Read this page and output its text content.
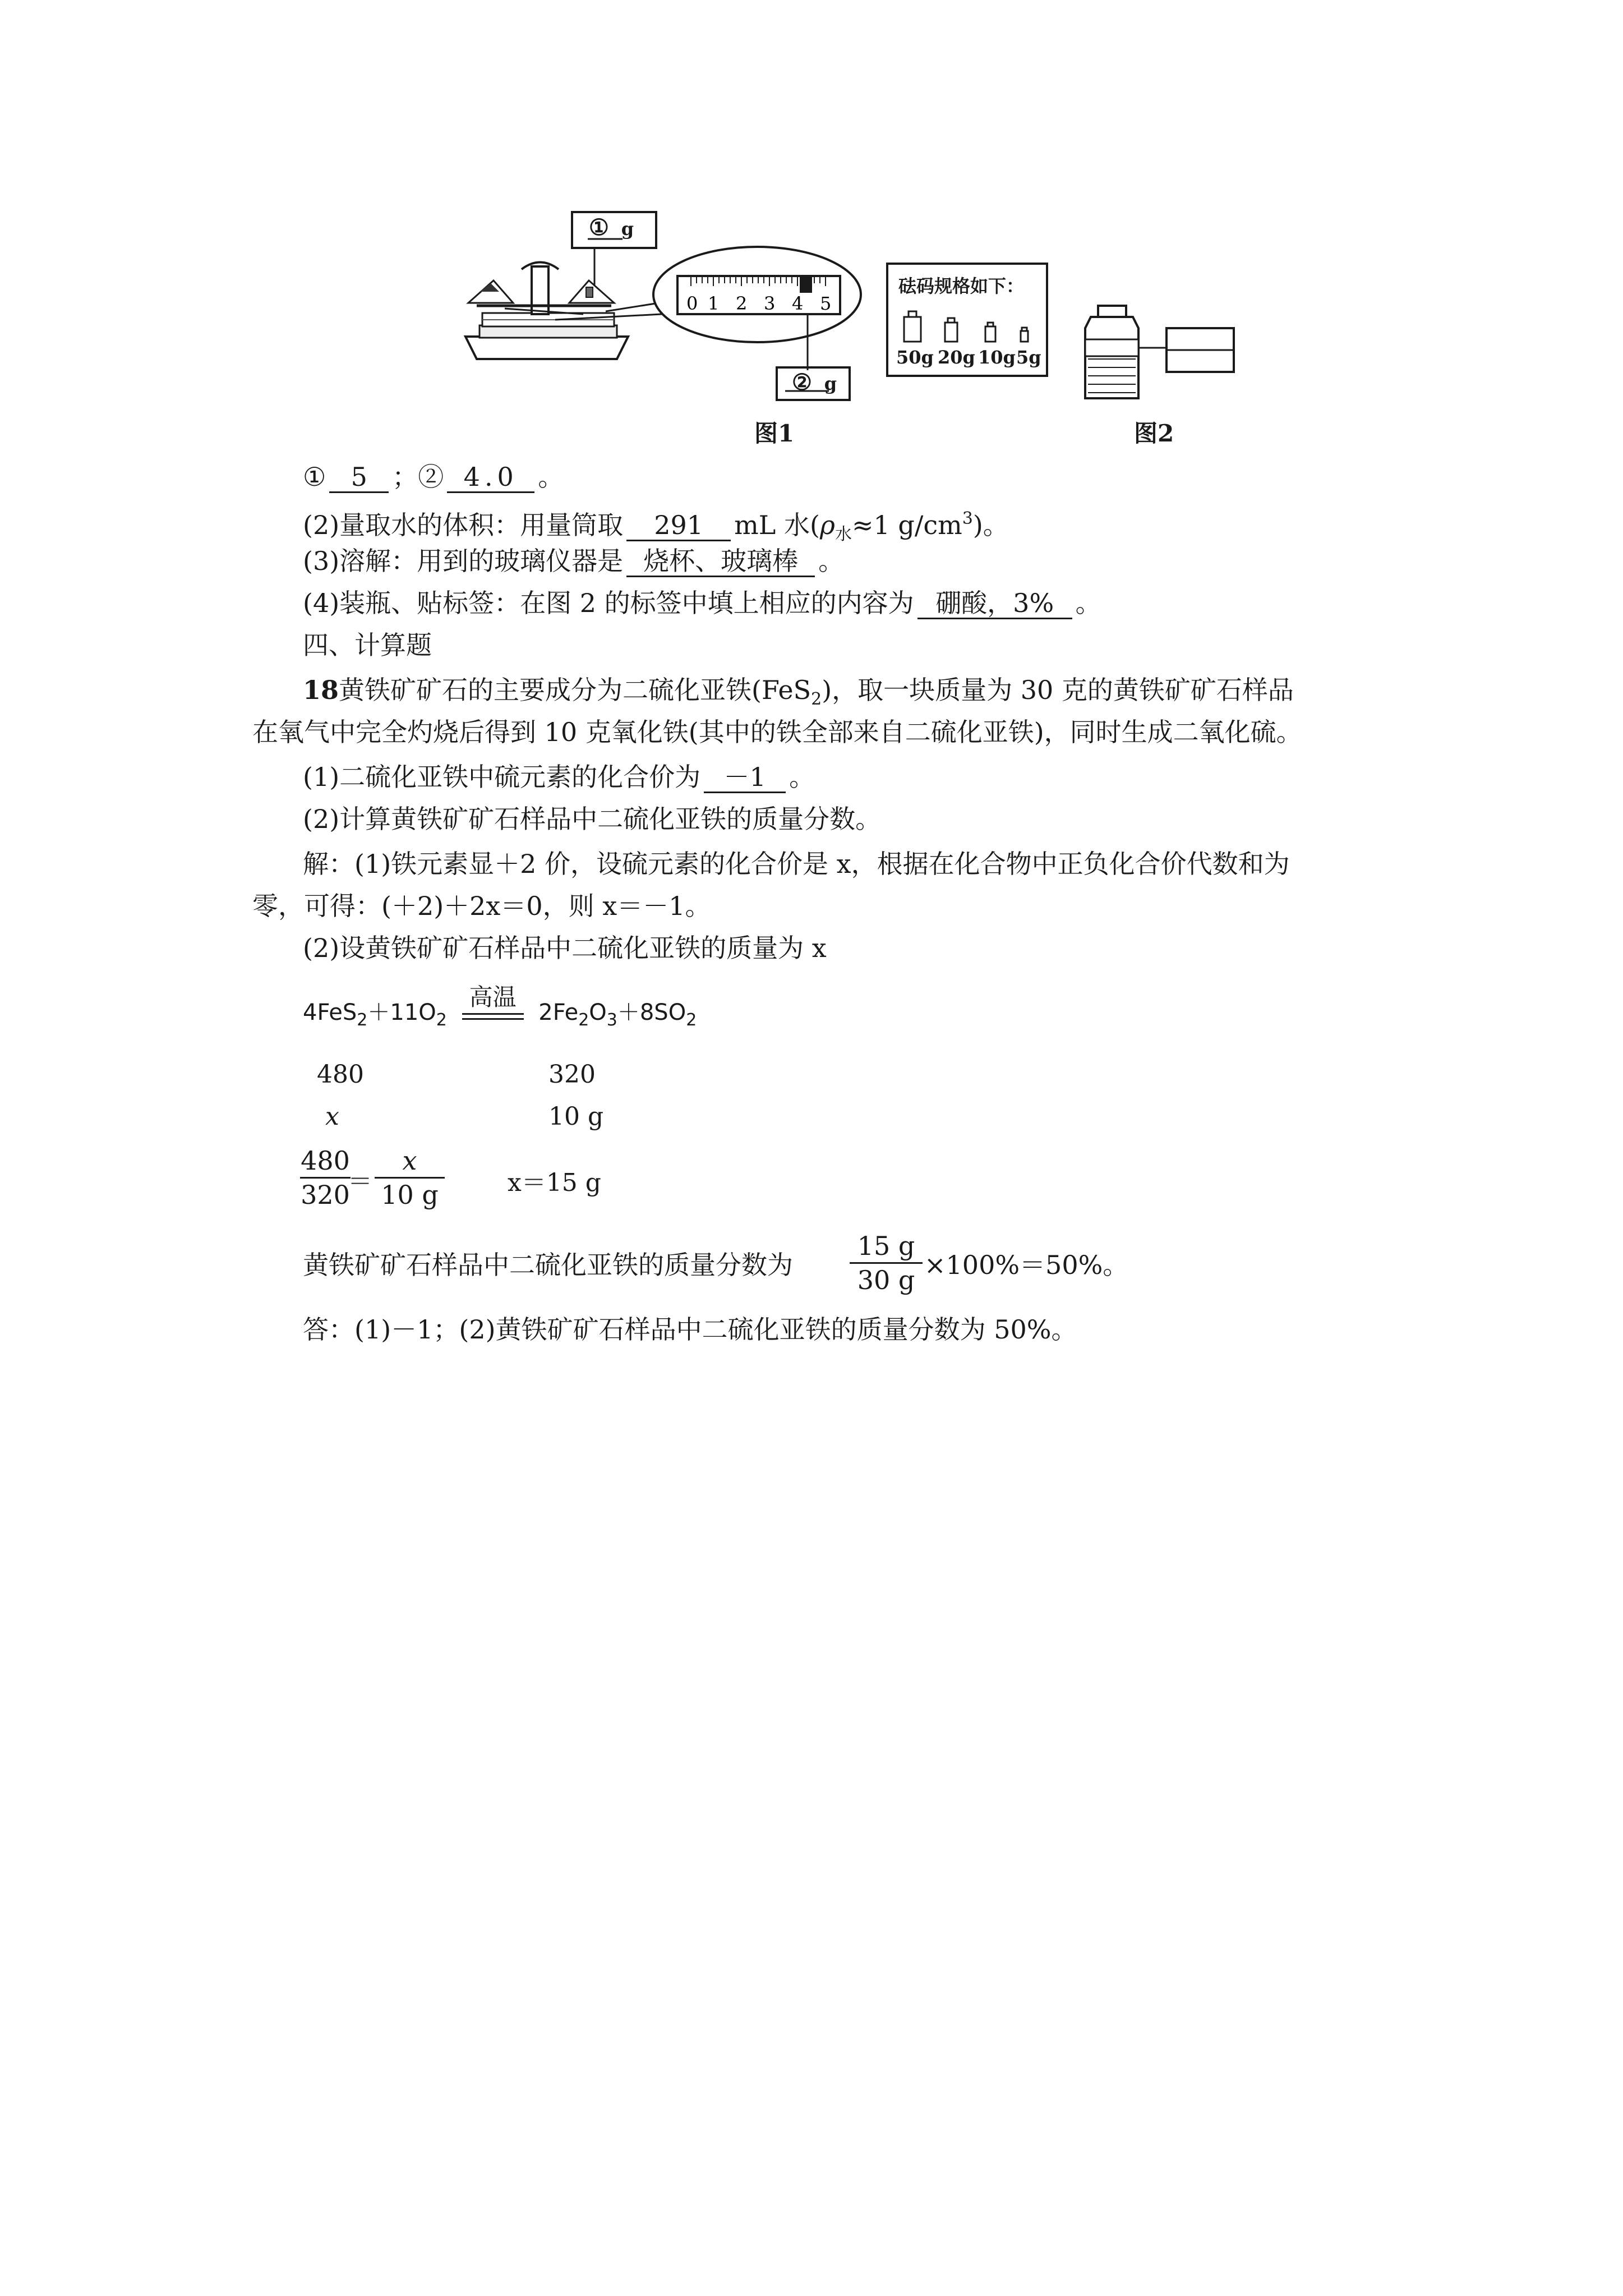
0 1 2 3 4 5
① g
② g
砝码规格如下：
50g 20g 10g 5g
图1	图2
① 5 ；② 4.0 。
(2)量取水的体积：用量筒取 291 mL 水($\rho_水\approx 1$ $g/cm^3$)。
(3)溶解：用到的玻璃仪器是 烧杯、玻璃棒 。
(4)装瓶、贴标签：在图 2 的标签中填上相应的内容为 硼酸，3% 。
四、计算题
18黄铁矿矿石的主要成分为二硫化亚铁(FeS$_2$)，取一块质量为 30 克的黄铁矿矿石样品
在氧气中完全灼烧后得到 10 克氧化铁(其中的铁全部来自二硫化亚铁)，同时生成二氧化硫。
(1)二硫化亚铁中硫元素的化合价为 －1 。
(2)计算黄铁矿矿石样品中二硫化亚铁的质量分数。
解：(1)铁元素显＋2 价，设硫元素的化合价是 x，根据在化合物中正负化合价代数和为
零，可得：(＋2)＋2x＝0，则 x＝－1。
(2)设黄铁矿矿石样品中二硫化亚铁的质量为 x
$4FeS_2+11O_2$
高温
$2Fe_2O_3+8SO_2$
480	320
x	10 g
$\frac{480}{320}$
＝ $\frac{x}{10 g}$	x＝15 g
黄铁矿矿石样品中二硫化亚铁的质量分数为 $\frac{15 g}{30 g} \times 100\%=50\%$。
答：(1)－1；(2)黄铁矿矿石样品中二硫化亚铁的质量分数为 50%。
